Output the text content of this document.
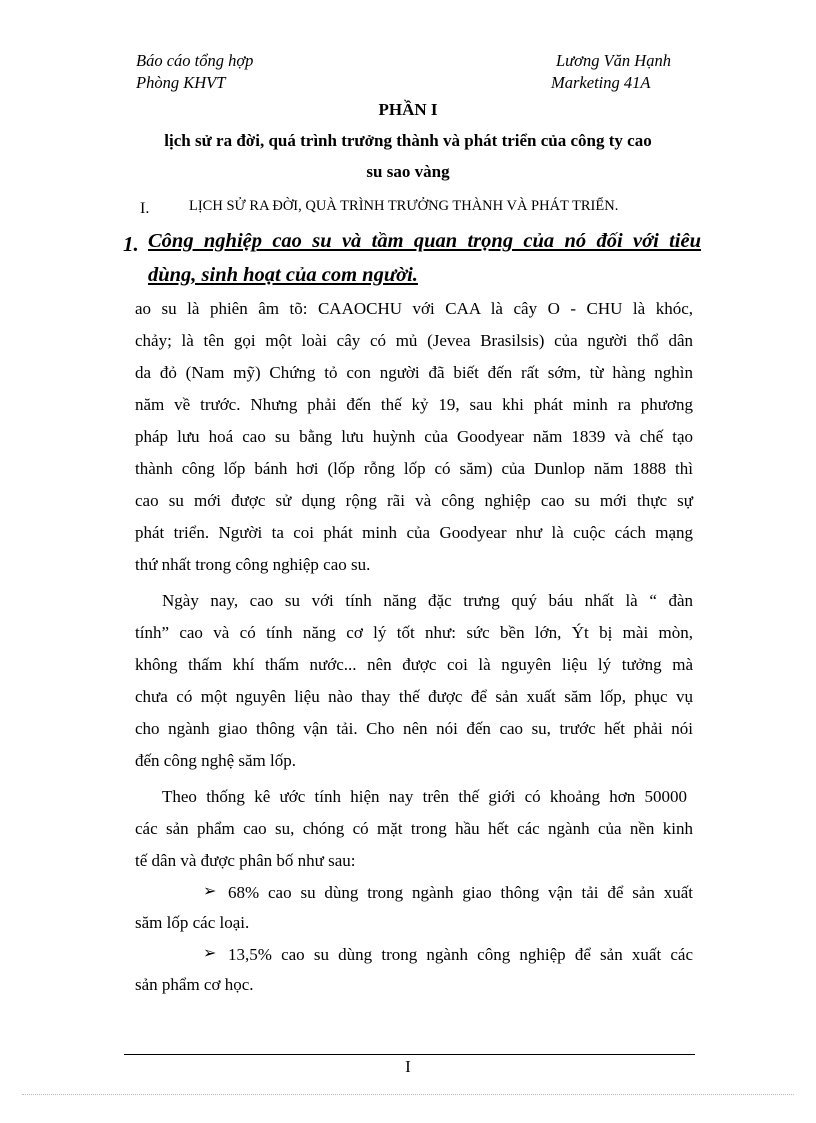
Báo cáo tổng hợp
Phòng KHVT
Lương Văn Hạnh
Marketing 41A
PHẦN I
lịch sử ra đời, quá trình trưởng thành và phát triển của công ty cao
su sao vàng
I.	LỊCH SỬ RA ĐỜI, QUÀ TRÌNH TRƯỞNG THÀNH VÀ PHÁT TRIỂN.
1. Công nghiệp cao su và tầm quan trọng của nó đối với tiêu
dùng, sinh hoạt của com người.
ao su là phiên âm tõ: CAAOCHU với CAA là cây O - CHU là khóc,
chảy; là tên gọi một loài cây có mủ (Jevea Brasilsis) của người thổ dân
da đỏ (Nam mỹ) Chứng tỏ con người đã biết đến rất sớm, từ hàng nghìn
năm về trước. Nhưng phải đến thế kỷ 19, sau khi phát minh ra phương
pháp lưu hoá cao su bằng lưu huỳnh của Goodyear năm 1839 và chế tạo
thành công lốp bánh hơi (lốp rỗng lốp có săm) của Dunlop năm 1888 thì
cao su mới được sử dụng rộng rãi và công nghiệp cao su mới thực sự
phát triển. Người ta coi phát minh của Goodyear như là cuộc cách mạng
thứ nhất trong công nghiệp cao su.
Ngày nay, cao su với tính năng đặc trưng quý báu nhất là “ đàn
tính” cao và có tính năng cơ lý tốt như: sức bền lớn, Ýt bị mài mòn,
không thấm khí thấm nước... nên được coi là nguyên liệu lý tưởng mà
chưa có một nguyên liệu nào thay thế được để sản xuất săm lốp, phục vụ
cho ngành giao thông vận tải. Cho nên nói đến cao su, trước hết phải nói
đến công nghệ săm lốp.
Theo thống kê ước tính hiện nay trên thế giới có khoảng hơn 50000
các sản phẩm cao su, chóng có mặt trong hầu hết các ngành của nền kinh
tế dân và được phân bố như sau:
➢ 68% cao su dùng trong ngành giao thông vận tải để sản xuất
săm lốp các loại.
➢ 13,5% cao su dùng trong ngành công nghiệp để sản xuất các
sản phẩm cơ học.
I
